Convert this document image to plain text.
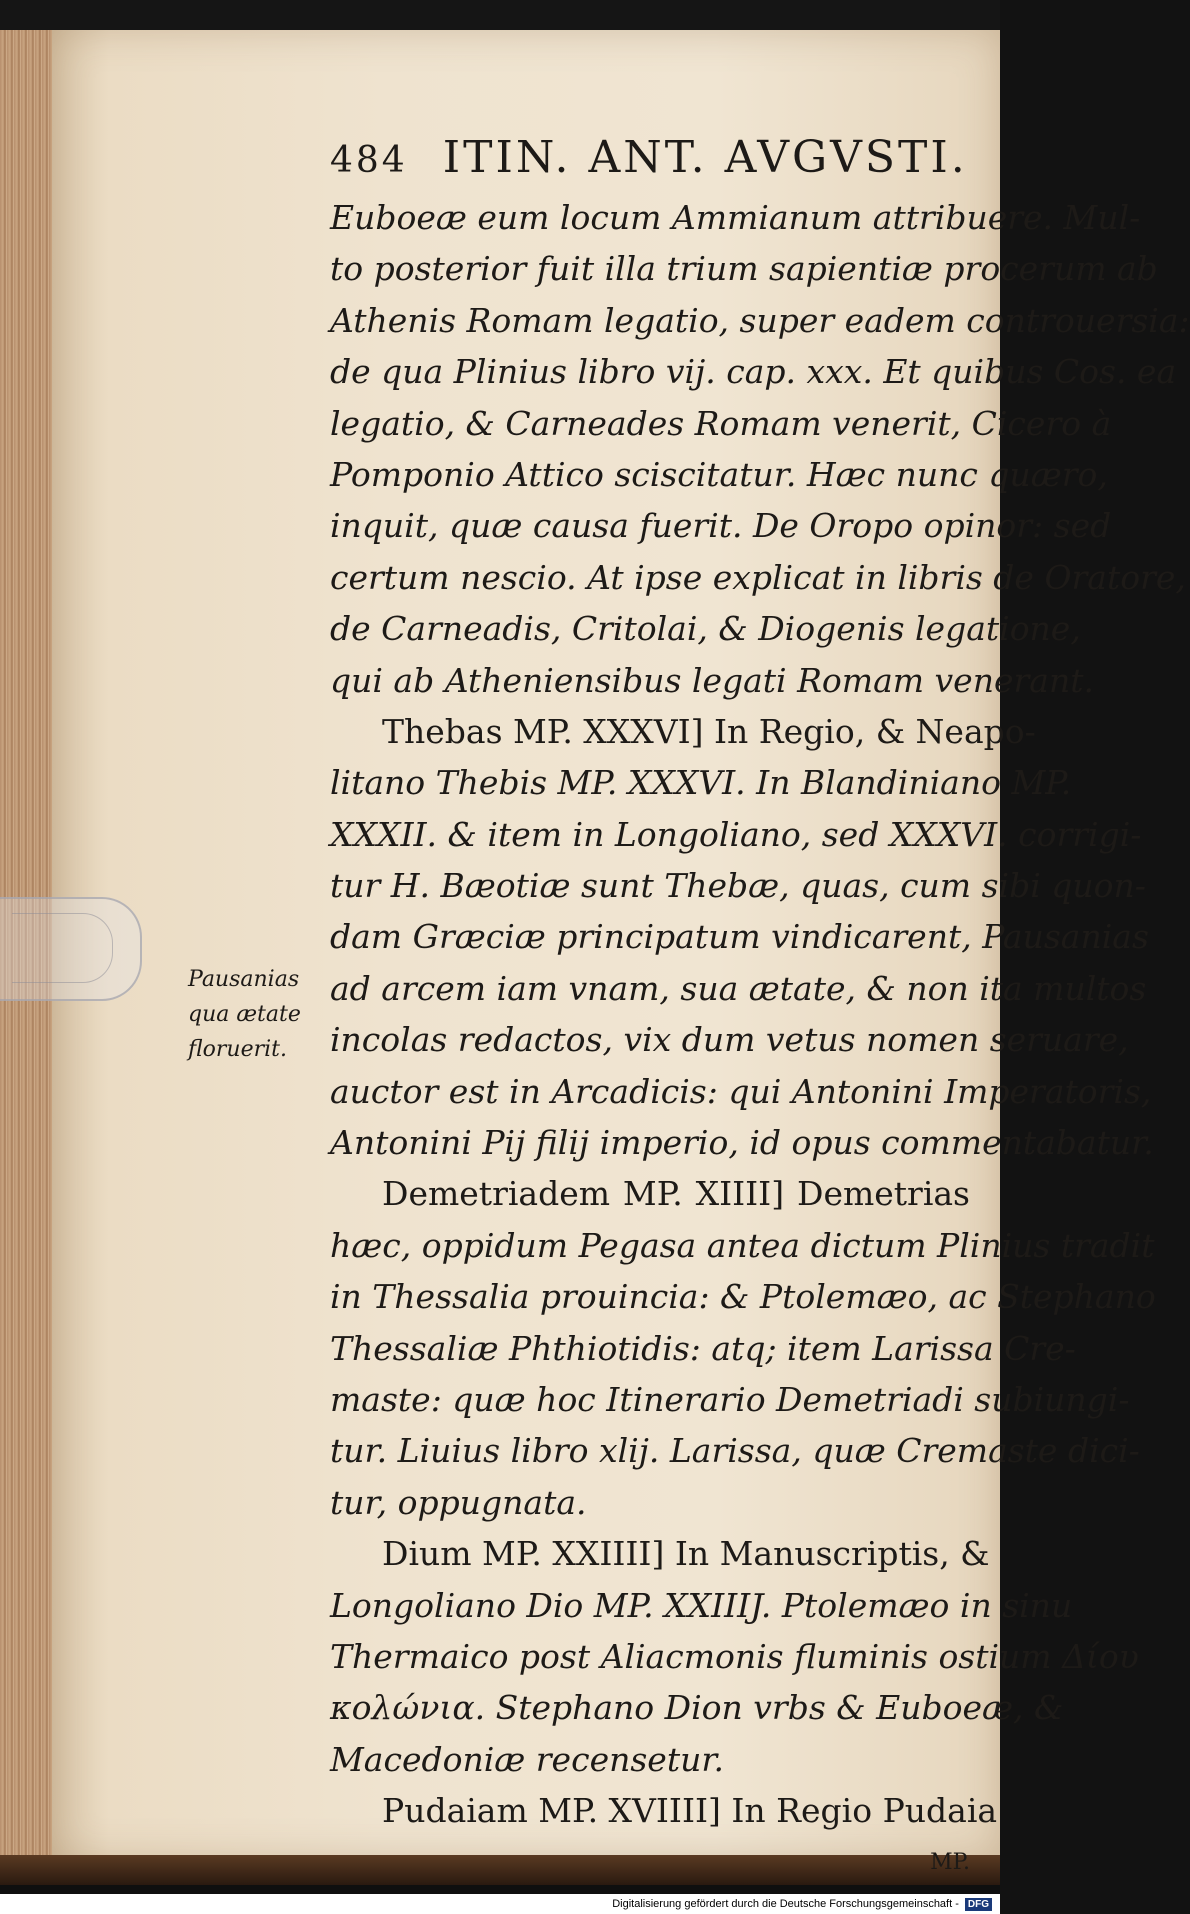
484 ITIN. ANT. AVGVSTI.
Euboeæ eum locum Ammianum attribuere. Mul-
to posterior fuit illa trium sapientiæ procerum ab
Athenis Romam legatio, super eadem controuersia:
de qua Plinius libro vij. cap. xxx. Et quibus Cos. ea
legatio, & Carneades Romam venerit, Cicero à
Pomponio Attico sciscitatur. Hæc nunc quæro,
inquit, quæ causa fuerit. De Oropo opinor: sed
certum nescio. At ipse explicat in libris de Oratore,
de Carneadis, Critolai, & Diogenis legatione,
qui ab Atheniensibus legati Romam venerant.
Thebas MP. XXXVI] In Regio, & Neapo-
litano Thebis MP. XXXVI. In Blandiniano MP.
XXXII. & item in Longoliano, sed XXXVI. corrigi-
tur H. Bæotiæ sunt Thebæ, quas, cum sibi quon-
dam Græciæ principatum vindicarent, Pausanias
ad arcem iam vnam, sua ætate, & non ita multos
incolas redactos, vix dum vetus nomen seruare,
auctor est in Arcadicis: qui Antonini Imperatoris,
Antonini Pij filij imperio, id opus commentabatur.
Demetriadem MP. XIIII] Demetrias
hæc, oppidum Pegasa antea dictum Plinius tradit
in Thessalia prouincia: & Ptolemæo, ac Stephano
Thessaliæ Phthiotidis: atq; item Larissa Cre-
maste: quæ hoc Itinerario Demetriadi subiungi-
tur. Liuius libro xlij. Larissa, quæ Cremaste dici-
tur, oppugnata.
Dium MP. XXIIII] In Manuscriptis, &
Longoliano Dio MP. XXIIIJ. Ptolemæo in sinu
Thermaico post Aliacmonis fluminis ostium Δίου
κολώνια. Stephano Dion vrbs & Euboeæ, &
Macedoniæ recensetur.
Pudaiam MP. XVIIII] In Regio Pudaia
MP.
Pausanias
qua ætate
floruerit.
Digitalisierung gefördert durch die Deutsche Forschungsgemeinschaft - DFG
